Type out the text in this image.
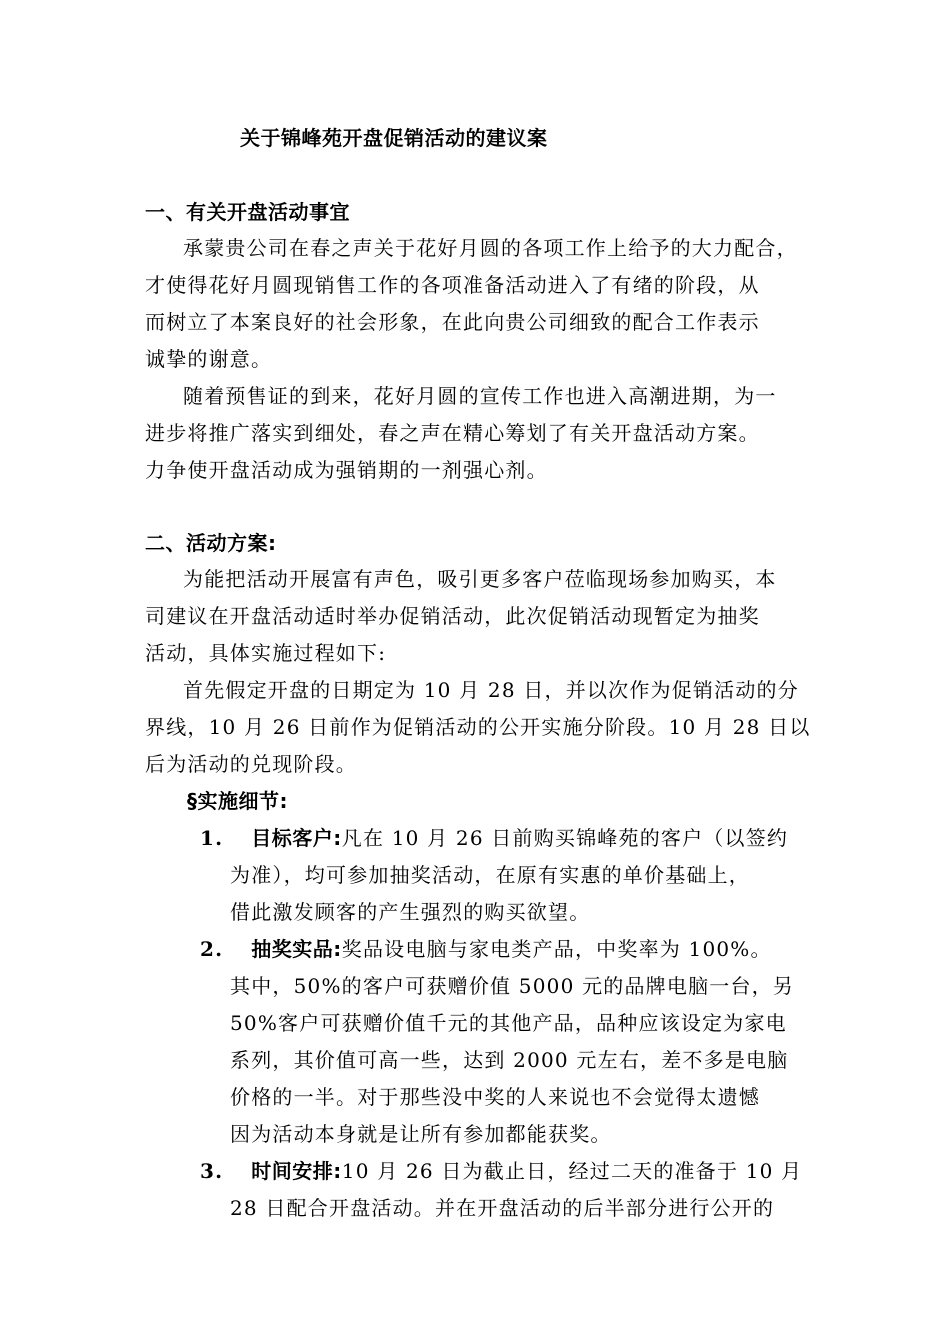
关于锦峰苑开盘促销活动的建议案
一、有关开盘活动事宜
承蒙贵公司在春之声关于花好月圆的各项工作上给予的大力配合，
才使得花好月圆现销售工作的各项准备活动进入了有绪的阶段，从
而树立了本案良好的社会形象，在此向贵公司细致的配合工作表示
诚挚的谢意。
随着预售证的到来，花好月圆的宣传工作也进入高潮进期，为一
进步将推广落实到细处，春之声在精心筹划了有关开盘活动方案。
力争使开盘活动成为强销期的一剂强心剂。
二、活动方案:
为能把活动开展富有声色，吸引更多客户莅临现场参加购买，本
司建议在开盘活动适时举办促销活动，此次促销活动现暂定为抽奖
活动，具体实施过程如下:
首先假定开盘的日期定为 10 月 28 日，并以次作为促销活动的分
界线，10 月 26 日前作为促销活动的公开实施分阶段。10 月 28 日以
后为活动的兑现阶段。
§实施细节:
1. 目标客户:凡在 10 月 26 日前购买锦峰苑的客户（以签约
为准），均可参加抽奖活动，在原有实惠的单价基础上，
借此激发顾客的产生强烈的购买欲望。
2. 抽奖实品:奖品设电脑与家电类产品，中奖率为 100%。
其中，50%的客户可获赠价值 5000 元的品牌电脑一台，另
50%客户可获赠价值千元的其他产品，品种应该设定为家电
系列，其价值可高一些，达到 2000 元左右，差不多是电脑
价格的一半。对于那些没中奖的人来说也不会觉得太遗憾
因为活动本身就是让所有参加都能获奖。
3. 时间安排:10 月 26 日为截止日，经过二天的准备于 10 月
28 日配合开盘活动。并在开盘活动的后半部分进行公开的
